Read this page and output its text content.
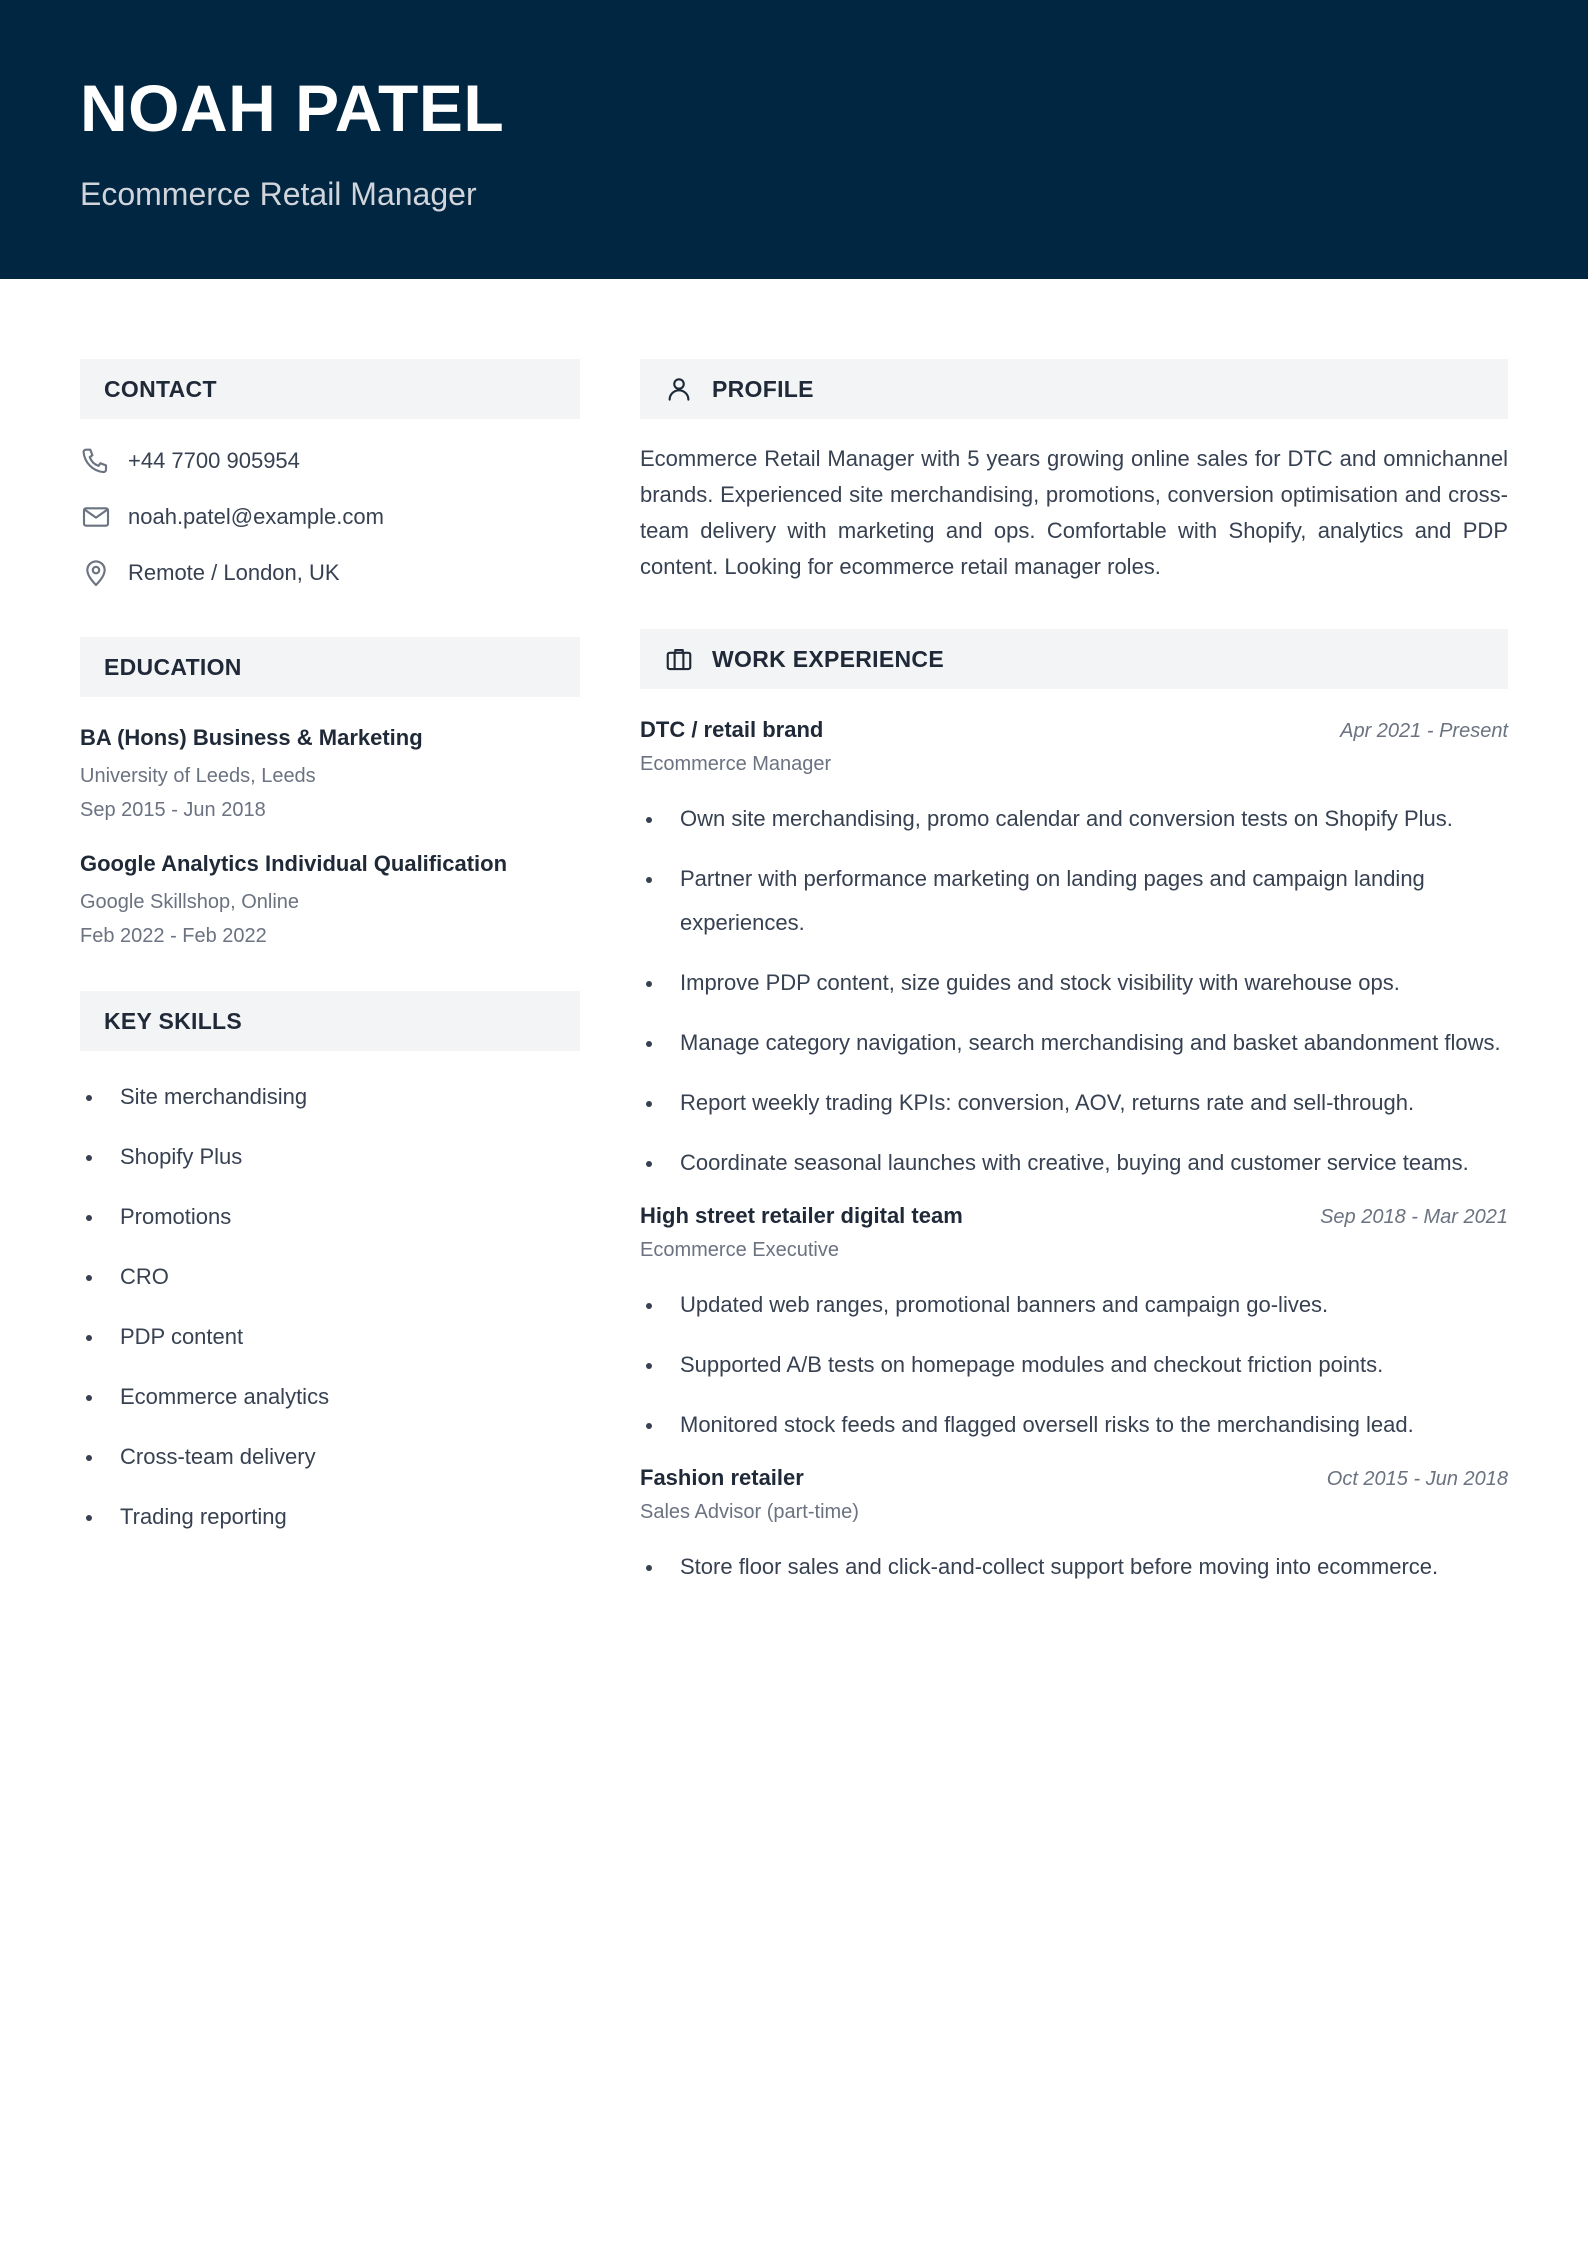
NOAH PATEL

Ecommerce Retail Manager

CONTACT
+44 7700 905954
noah.patel@example.com
Remote / London, UK
EDUCATION
BA (Hons) Business & Marketing
University of Leeds, Leeds
Sep 2015 - Jun 2018
Google Analytics Individual Qualification
Google Skillshop, Online
Feb 2022 - Feb 2022
KEY SKILLS
Site merchandising
Shopify Plus
Promotions
CRO
PDP content
Ecommerce analytics
Cross-team delivery
Trading reporting
PROFILE

Ecommerce Retail Manager with 5 years growing online sales for DTC and omnichannel brands. Experienced site merchandising, promotions, conversion optimisation and cross-team delivery with marketing and ops. Comfortable with Shopify, analytics and PDP content. Looking for ecommerce retail manager roles.

WORK EXPERIENCE
DTC / retail brand	Apr 2021 - Present
Ecommerce Manager
Own site merchandising, promo calendar and conversion tests on Shopify Plus.
Partner with performance marketing on landing pages and campaign landing experiences.
Improve PDP content, size guides and stock visibility with warehouse ops.
Manage category navigation, search merchandising and basket abandonment flows.
Report weekly trading KPIs: conversion, AOV, returns rate and sell-through.
Coordinate seasonal launches with creative, buying and customer service teams.
High street retailer digital team	Sep 2018 - Mar 2021
Ecommerce Executive
Updated web ranges, promotional banners and campaign go-lives.
Supported A/B tests on homepage modules and checkout friction points.
Monitored stock feeds and flagged oversell risks to the merchandising lead.
Fashion retailer	Oct 2015 - Jun 2018
Sales Advisor (part-time)
Store floor sales and click-and-collect support before moving into ecommerce.
